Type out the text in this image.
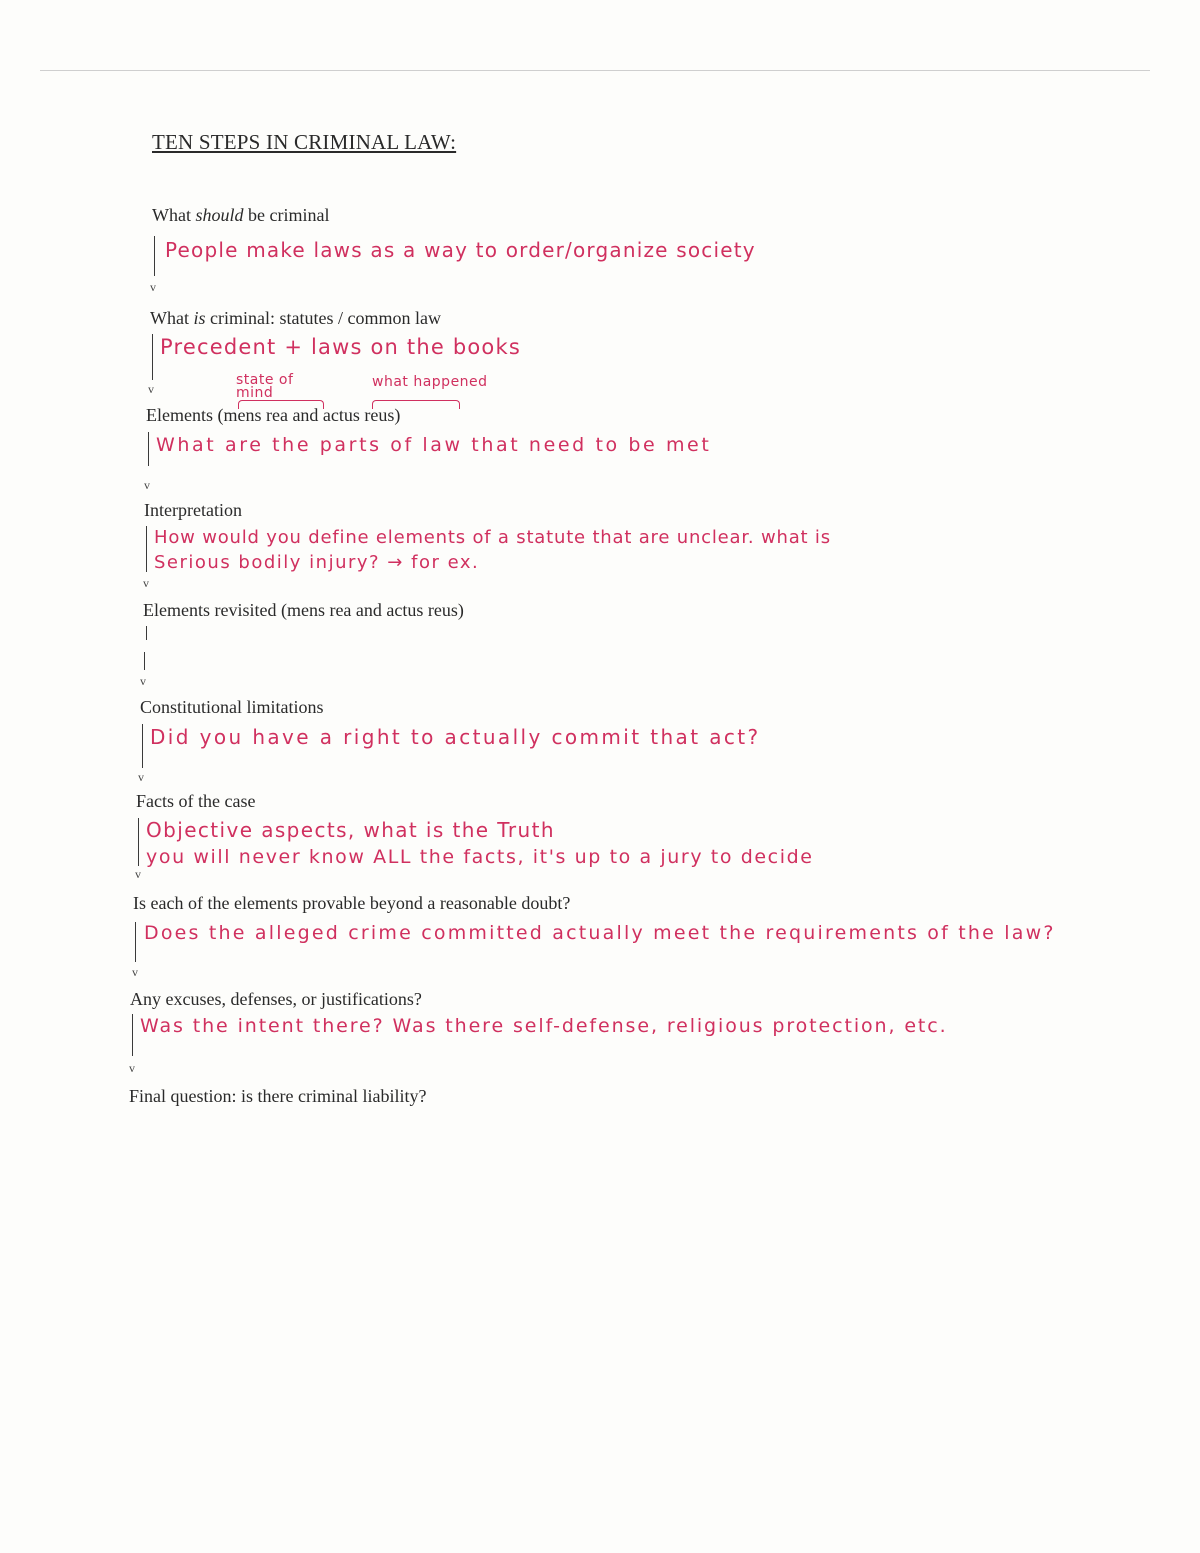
TEN STEPS IN CRIMINAL LAW:
What should be criminal
People make laws as a way to order/organize society
v
What is criminal: statutes / common law
Precedent + laws on the books
v
state of mind
what happened
Elements (mens rea and actus reus)
What are the parts of law that need to be met
v
Interpretation
How would you define elements of a statute that are unclear. what is
Serious bodily injury? → for ex.
v
Elements revisited (mens rea and actus reus)
v
Constitutional limitations
Did you have a right to actually commit that act?
v
Facts of the case
Objective aspects, what is the Truth
you will never know ALL the facts, it's up to a jury to decide
v
Is each of the elements provable beyond a reasonable doubt?
Does the alleged crime committed actually meet the requirements of the law?
v
Any excuses, defenses, or justifications?
Was the intent there? Was there self-defense, religious protection, etc.
v
Final question: is there criminal liability?
